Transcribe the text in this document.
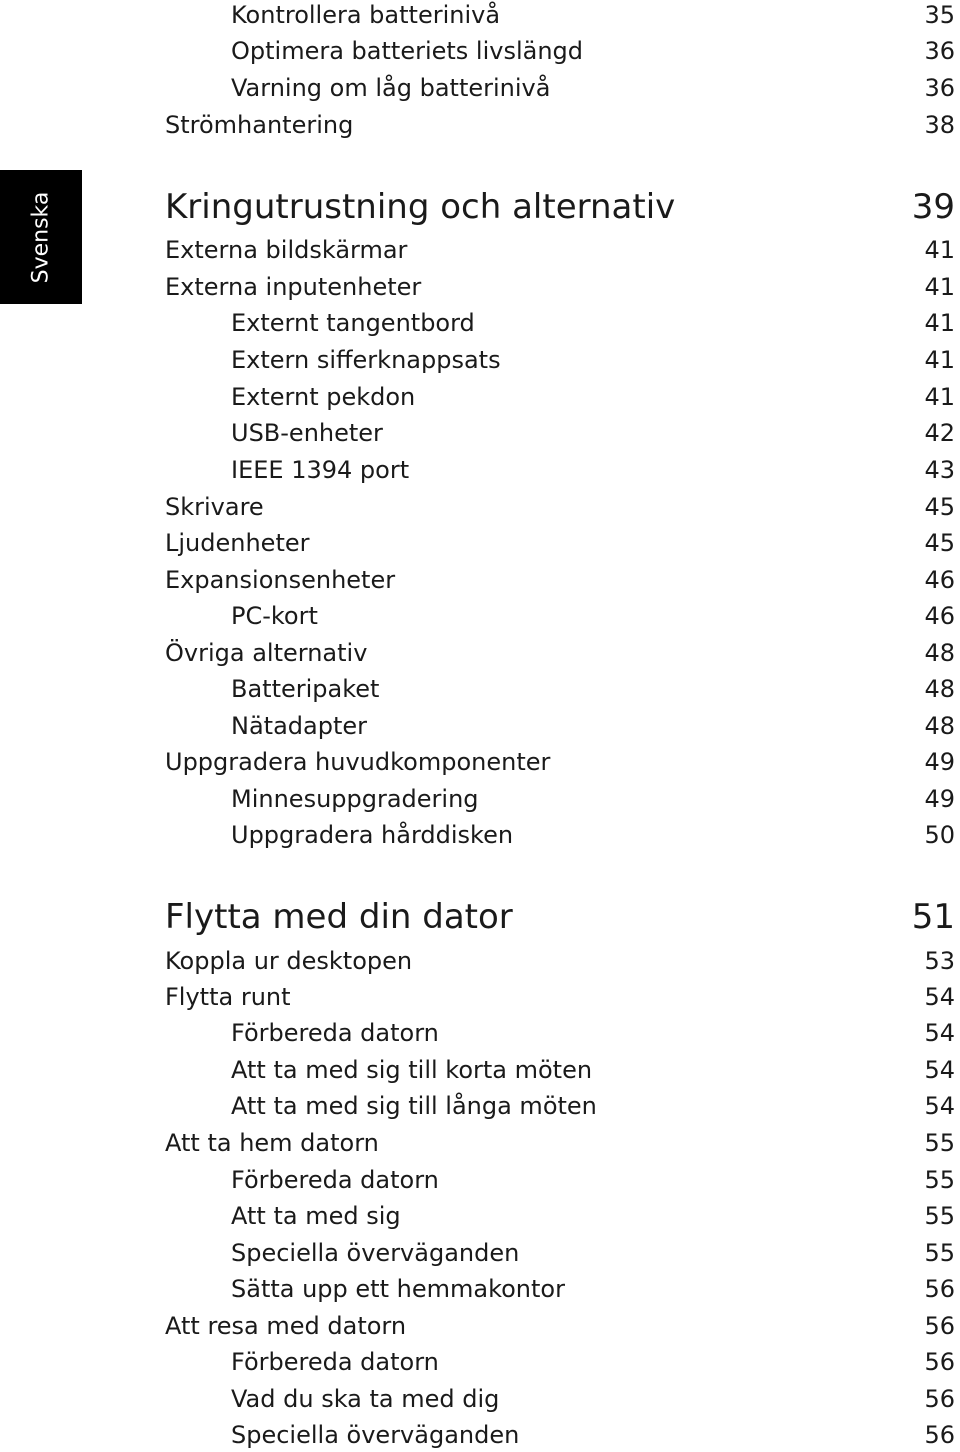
Svenska
Kontrollera batterinivå	35
Optimera batteriets livslängd	36
Varning om låg batterinivå	36
Strömhantering	38
Kringutrustning och alternativ	39
Externa bildskärmar	41
Externa inputenheter	41
Externt tangentbord	41
Extern sifferknappsats	41
Externt pekdon	41
USB-enheter	42
IEEE 1394 port	43
Skrivare	45
Ljudenheter	45
Expansionsenheter	46
PC-kort	46
Övriga alternativ	48
Batteripaket	48
Nätadapter	48
Uppgradera huvudkomponenter	49
Minnesuppgradering	49
Uppgradera hårddisken	50
Flytta med din dator	51
Koppla ur desktopen	53
Flytta runt	54
Förbereda datorn	54
Att ta med sig till korta möten	54
Att ta med sig till långa möten	54
Att ta hem datorn	55
Förbereda datorn	55
Att ta med sig	55
Speciella överväganden	55
Sätta upp ett hemmakontor	56
Att resa med datorn	56
Förbereda datorn	56
Vad du ska ta med dig	56
Speciella överväganden	56
